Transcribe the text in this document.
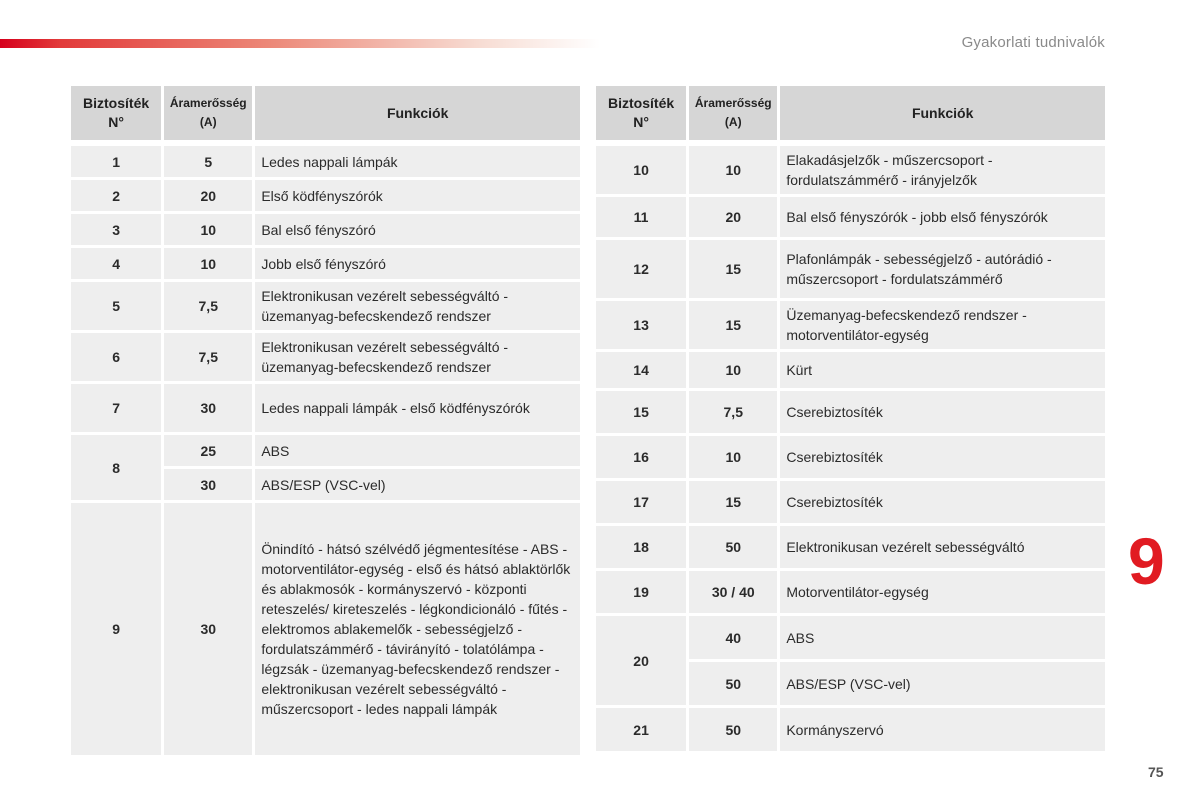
Gyakorlati tudnivalók
Biztosíték N°	Áramerősség (A)	Funkciók

1	5	Ledes nappali lámpák
2	20	Első ködfényszórók
3	10	Bal első fényszóró
4	10	Jobb első fényszóró
5	7,5	Elektronikusan vezérelt sebességváltó - üzemanyag-befecskendező rendszer
6	7,5	Elektronikusan vezérelt sebességváltó - üzemanyag-befecskendező rendszer
7	30	Ledes nappali lámpák - első ködfényszórók
8	25	ABS
	30	ABS/ESP (VSC-vel)
9	30	Önindító - hátsó szélvédő jégmentesítése - ABS - motorventilátor-egység - első és hátsó ablaktörlők és ablakmosók - kormányszervó - központi reteszelés/ kireteszelés - légkondicionáló - fűtés - elektromos ablakemelők - sebességjelző - fordulatszámmérő - távirányító - tolatólámpa - légzsák - üzemanyag-befecskendező rendszer - elektronikusan vezérelt sebességváltó - műszercsoport - ledes nappali lámpák
Biztosíték N°	Áramerősség (A)	Funkciók

10	10	Elakadásjelzők - műszercsoport - fordulatszámmérő - irányjelzők
11	20	Bal első fényszórók - jobb első fényszórók
12	15	Plafonlámpák - sebességjelző - autórádió - műszercsoport - fordulatszámmérő
13	15	Üzemanyag-befecskendező rendszer - motorventilátor-egység
14	10	Kürt
15	7,5	Cserebiztosíték
16	10	Cserebiztosíték
17	15	Cserebiztosíték
18	50	Elektronikusan vezérelt sebességváltó
19	30 / 40	Motorventilátor-egység
20	40	ABS
	50	ABS/ESP (VSC-vel)
21	50	Kormányszervó
9
75
